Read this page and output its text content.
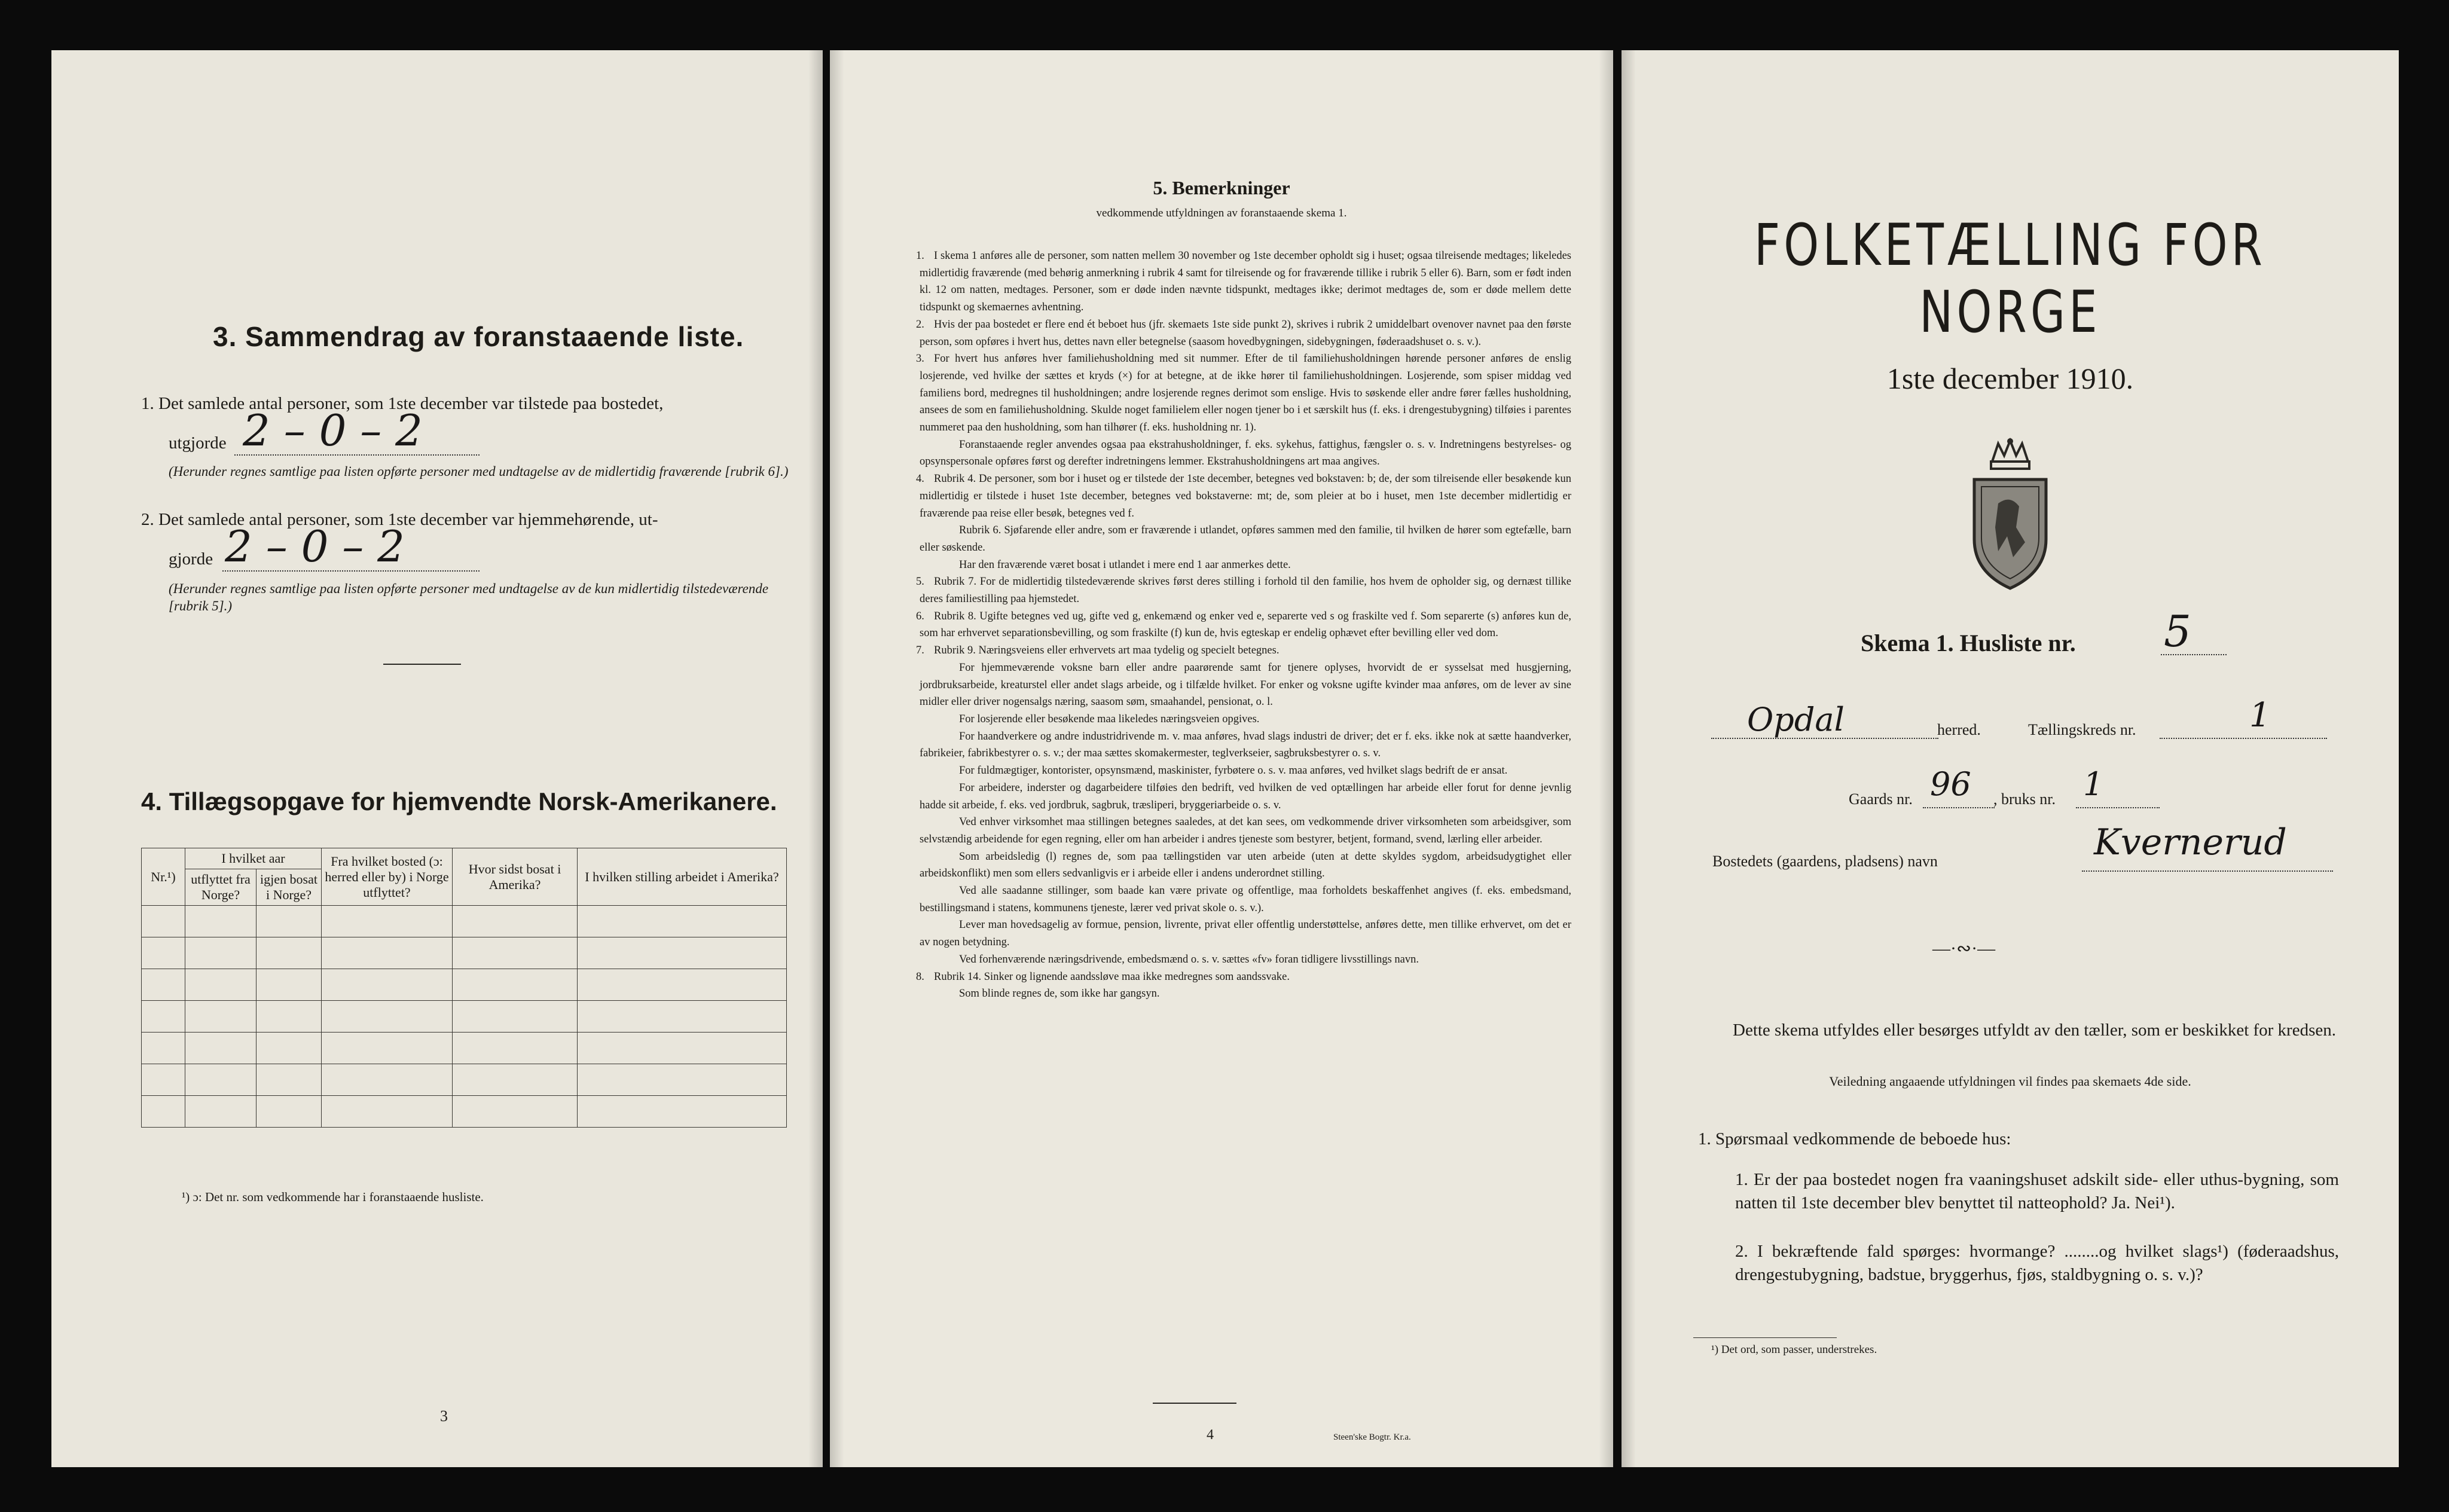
3. Sammendrag av foranstaaende liste.
1. Det samlede antal personer, som 1ste december var tilstede paa bostedet,
utgjorde 2 – 0 – 2
(Herunder regnes samtlige paa listen opførte personer med undtagelse av de midlertidig fraværende [rubrik 6].)
2. Det samlede antal personer, som 1ste december var hjemmehørende, ut-
gjorde 2 – 0 – 2
(Herunder regnes samtlige paa listen opførte personer med undtagelse av de kun midlertidig tilstedeværende [rubrik 5].)
4. Tillægsopgave for hjemvendte Norsk-Amerikanere.
Nr.¹)	I hvilket aar		Fra hvilket bosted (ɔ: herred eller by) i Norge utflyttet?	Hvor sidst bosat i Amerika?	I hvilken stilling arbeidet i Amerika?
	utflyttet fra Norge?	igjen bosat i Norge?			

¹) ɔ: Det nr. som vedkommende har i foranstaaende husliste.
3
5. Bemerkninger
vedkommende utfyldningen av foranstaaende skema 1.

1. I skema 1 anføres alle de personer, som natten mellem 30 november og 1ste december opholdt sig i huset; ogsaa tilreisende medtages; likeledes midlertidig fraværende (med behørig anmerkning i rubrik 4 samt for tilreisende og for fraværende tillike i rubrik 5 eller 6). Barn, som er født inden kl. 12 om natten, medtages. Personer, som er døde inden nævnte tidspunkt, medtages ikke; derimot medtages de, som er døde mellem dette tidspunkt og skemaernes avhentning.

2. Hvis der paa bostedet er flere end ét beboet hus (jfr. skemaets 1ste side punkt 2), skrives i rubrik 2 umiddelbart ovenover navnet paa den første person, som opføres i hvert hus, dettes navn eller betegnelse (saasom hovedbygningen, sidebygningen, føderaadshuset o. s. v.).

3. For hvert hus anføres hver familiehusholdning med sit nummer. Efter de til familiehusholdningen hørende personer anføres de enslig losjerende, ved hvilke der sættes et kryds (×) for at betegne, at de ikke hører til familiehusholdningen. Losjerende, som spiser middag ved familiens bord, medregnes til husholdningen; andre losjerende regnes derimot som enslige. Hvis to søskende eller andre fører fælles husholdning, ansees de som en familiehusholdning. Skulde noget familielem eller nogen tjener bo i et særskilt hus (f. eks. i drengestubygning) tilføies i parentes nummeret paa den husholdning, som han tilhører (f. eks. husholdning nr. 1).

Foranstaaende regler anvendes ogsaa paa ekstrahusholdninger, f. eks. sykehus, fattighus, fængsler o. s. v. Indretningens bestyrelses- og opsynspersonale opføres først og derefter indretningens lemmer. Ekstrahusholdningens art maa angives.

4. Rubrik 4. De personer, som bor i huset og er tilstede der 1ste december, betegnes ved bokstaven: b; de, der som tilreisende eller besøkende kun midlertidig er tilstede i huset 1ste december, betegnes ved bokstaverne: mt; de, som pleier at bo i huset, men 1ste december midlertidig er fraværende paa reise eller besøk, betegnes ved f.

Rubrik 6. Sjøfarende eller andre, som er fraværende i utlandet, opføres sammen med den familie, til hvilken de hører som egtefælle, barn eller søskende.

Har den fraværende været bosat i utlandet i mere end 1 aar anmerkes dette.

5. Rubrik 7. For de midlertidig tilstedeværende skrives først deres stilling i forhold til den familie, hos hvem de opholder sig, og dernæst tillike deres familiestilling paa hjemstedet.

6. Rubrik 8. Ugifte betegnes ved ug, gifte ved g, enkemænd og enker ved e, separerte ved s og fraskilte ved f. Som separerte (s) anføres kun de, som har erhvervet separationsbevilling, og som fraskilte (f) kun de, hvis egteskap er endelig ophævet efter bevilling eller ved dom.

7. Rubrik 9. Næringsveiens eller erhvervets art maa tydelig og specielt betegnes.

For hjemmeværende voksne barn eller andre paarørende samt for tjenere oplyses, hvorvidt de er sysselsat med husgjerning, jordbruksarbeide, kreaturstel eller andet slags arbeide, og i tilfælde hvilket. For enker og voksne ugifte kvinder maa anføres, om de lever av sine midler eller driver nogensalgs næring, saasom søm, smaahandel, pensionat, o. l.

For losjerende eller besøkende maa likeledes næringsveien opgives.

For haandverkere og andre industridrivende m. v. maa anføres, hvad slags industri de driver; det er f. eks. ikke nok at sætte haandverker, fabrikeier, fabrikbestyrer o. s. v.; der maa sættes skomakermester, teglverkseier, sagbruksbestyrer o. s. v.

For fuldmægtiger, kontorister, opsynsmænd, maskinister, fyrbøtere o. s. v. maa anføres, ved hvilket slags bedrift de er ansat.

For arbeidere, inderster og dagarbeidere tilføies den bedrift, ved hvilken de ved optællingen har arbeide eller forut for denne jevnlig hadde sit arbeide, f. eks. ved jordbruk, sagbruk, træsliperi, bryggeriarbeide o. s. v.

Ved enhver virksomhet maa stillingen betegnes saaledes, at det kan sees, om vedkommende driver virksomheten som arbeidsgiver, som selvstændig arbeidende for egen regning, eller om han arbeider i andres tjeneste som bestyrer, betjent, formand, svend, lærling eller arbeider.

Som arbeidsledig (l) regnes de, som paa tællingstiden var uten arbeide (uten at dette skyldes sygdom, arbeidsudygtighet eller arbeidskonflikt) men som ellers sedvanligvis er i arbeide eller i andens underordnet stilling.

Ved alle saadanne stillinger, som baade kan være private og offentlige, maa forholdets beskaffenhet angives (f. eks. embedsmand, bestillingsmand i statens, kommunens tjeneste, lærer ved privat skole o. s. v.).

Lever man hovedsagelig av formue, pension, livrente, privat eller offentlig understøttelse, anføres dette, men tillike erhvervet, om det er av nogen betydning.

Ved forhenværende næringsdrivende, embedsmænd o. s. v. sættes «fv» foran tidligere livsstillings navn.

8. Rubrik 14. Sinker og lignende aandssløve maa ikke medregnes som aandssvake.

Som blinde regnes de, som ikke har gangsyn.

4	Steen'ske Bogtr. Kr.a.
FOLKETÆLLING FOR NORGE
1ste december 1910.
Skema 1. Husliste nr. 5
Opdal	herred.	Tællingskreds nr.	1
Gaards nr. 96 , bruks nr. 1
Bostedets (gaardens, pladsens) navn	Kvernerud
—·∾·—
Dette skema utfyldes eller besørges utfyldt av den tæller, som er beskikket for kredsen.
Veiledning angaaende utfyldningen vil findes paa skemaets 4de side.
1. Spørsmaal vedkommende de beboede hus:
1. Er der paa bostedet nogen fra vaaningshuset adskilt side- eller uthus-bygning, som natten til 1ste december blev benyttet til natteophold? Ja. Nei¹).
2. I bekræftende fald spørges: hvormange? ........og hvilket slags¹) (føderaadshus, drengestubygning, badstue, bryggerhus, fjøs, staldbygning o. s. v.)?
¹) Det ord, som passer, understrekes.
